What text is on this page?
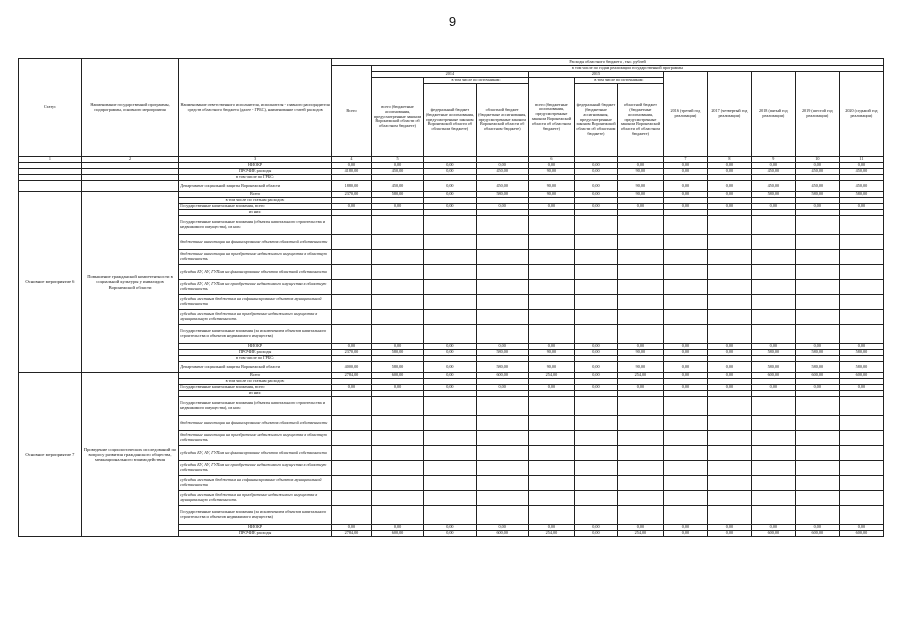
9
Статус	Наименование государственной программы, подпрограммы, основного мероприятия	Наименование ответственного исполнителя, исполнителя - главного распорядителя средств областного бюджета (далее - ГРБС), наименование статей расходов	Расходы областного бюджета , тыс. рублей											
			Всего	в том числе по годам реализации государственной программы										
				2014			2015			2016 (третий год реализации)	2017 (четвертый год реализации)	2018 (пятый год реализации)	2019 (шестой год реализации)	2020 (седьмой год реализации)
				всего (бюджетные ассигнования, предусмотренные законом Воронежской области об областном бюджете)	в том числе по источникам:		всего (бюджетные ассигнования, предусмотренные законом Воронежской области об областном бюджете)	в том числе по источникам:						
					федеральный бюджет (бюджетные ассигнования, предусмотренные законом Воронежской области об областном бюджете)	областной бюджет (бюджетные ассигнования, предусмотренные законом Воронежской области об областном бюджете)		федеральный бюджет (бюджетные ассигнования, предусмотренные законом Воронежской области об областном бюджете)	областной бюджет (бюджетные ассигнования, предусмотренные законом Воронежской области об областном бюджете)					
1	2	3	4	5			6			7	8	9	10	11
		НИОКР	0,00	0,00	0,00	0,00	0,00	0,00	0,00	0,00	0,00	0,00	0,00	0,00
		ПРОЧИЕ расходы	4180,00	450,00	0,00	450,00	90,00	0,00	90,00	0,00	0,00	450,00	450,00	450,00
		в том числе по ГРБС:												
		Департамент социальной защиты Воронежской области	1880,00	450,00	0,00	450,00	90,00	0,00	90,00	0,00	0,00	450,00	450,00	450,00
Основное мероприятие 6	Повышение гражданской компетентности в социальной культуры у инвалидов Воронежской области	Всего	2370,00	580,00	0,00	580,00	90,00	0,00	90,00	0,00	0,00	580,00	580,00	580,00
		в том числе по статьям расходов:												
		Государственные капитальные вложения, всего	0,00	0,00	0,00	0,00	0,00	0,00	0,00	0,00	0,00	0,00	0,00	0,00
		из них:												
		Государственные капитальные вложения (объекты капитального строительства и недвижимого имущества), из них:												
		бюджетные инвестиции на финансирование объектов областной собственности												
		бюджетные инвестиции на приобретение недвижимого имущества в областную собственность												
		субсидии БУ, АУ, ГУПам на финансирование объектов областной собственности												
		субсидии БУ, АУ, ГУПам на приобретение недвижимого имущества в областную собственность												
		субсидии местным бюджетам на софинансирование объектов муниципальной собственности												
		субсидии местным бюджетам на приобретение недвижимого имущества в муниципальную собственность												
		Государственные капитальные вложения (за исключением объектов капитального строительства и объектов недвижимого имущества)												
		НИОКР	0,00	0,00	0,00	0,00	0,00	0,00	0,00	0,00	0,00	0,00	0,00	0,00
		ПРОЧИЕ расходы	2370,00	580,00	0,00	580,00	90,00	0,00	90,00	0,00	0,00	580,00	580,00	580,00
		в том числе по ГРБС:												
		Департамент социальной защиты Воронежской области	4000,00	580,00	0,00	580,00	90,00	0,00	90,00	0,00	0,00	580,00	580,00	580,00
Основное мероприятие 7	Проведение социологических исследований по вопросу развития гражданского общества, межнационального взаимодействия	Всего	2784,00	600,00	0,00	600,00	254,00	0,00	254,00	0,00	0,00	600,00	600,00	600,00
		в том числе по статьям расходов:												
		Государственные капитальные вложения, всего	0,00	0,00	0,00	0,00	0,00	0,00	0,00	0,00	0,00	0,00	0,00	0,00
		из них:												
		Государственные капитальные вложения (объекты капитального строительства и недвижимого имущества), из них:												
		бюджетные инвестиции на финансирование объектов областной собственности												
		бюджетные инвестиции на приобретение недвижимого имущества в областную собственность												
		субсидии БУ, АУ, ГУПам на финансирование объектов областной собственности												
		субсидии БУ, АУ, ГУПам на приобретение недвижимого имущества в областную собственность												
		субсидии местным бюджетам на софинансирование объектов муниципальной собственности												
		субсидии местным бюджетам на приобретение недвижимого имущества в муниципальную собственность												
		Государственные капитальные вложения (за исключением объектов капитального строительства и объектов недвижимого имущества)												
		НИОКР	0,00	0,00	0,00	0,00	0,00	0,00	0,00	0,00	0,00	0,00	0,00	0,00
		ПРОЧИЕ расходы	2784,00	600,00	0,00	600,00	254,00	0,00	254,00	0,00	0,00	600,00	600,00	600,00
